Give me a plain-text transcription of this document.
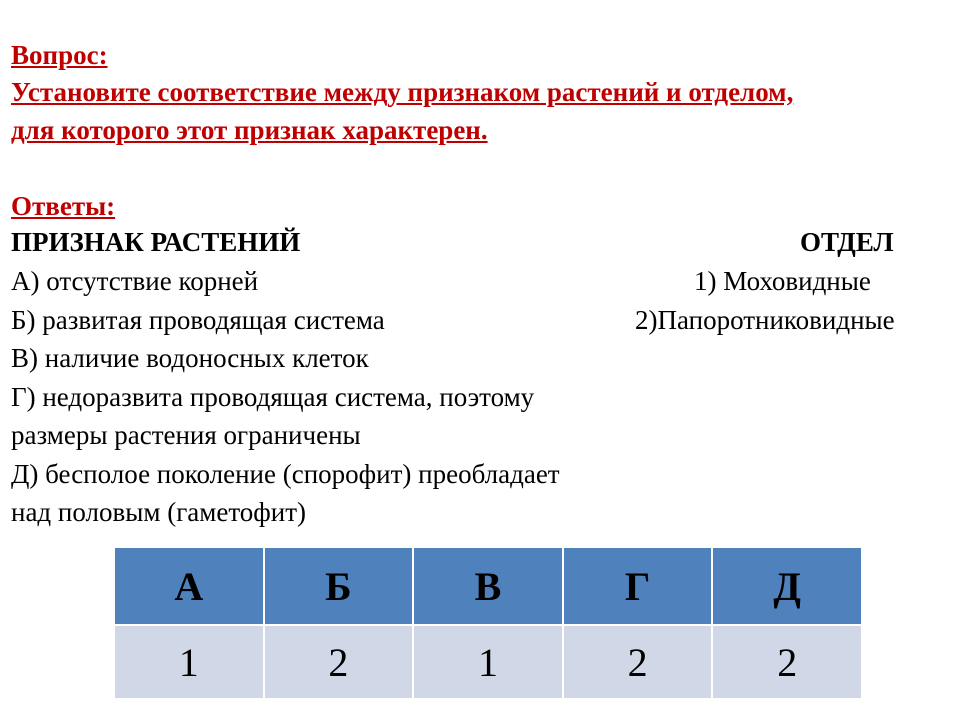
Вопрос:
Установите соответствие между признаком растений и отделом,
для которого этот признак характерен.
Ответы:
ПРИЗНАК РАСТЕНИЙ	ОТДЕЛ
А) отсутствие корней
Б) развитая проводящая система
В) наличие водоносных клеток
Г) недоразвита проводящая система, поэтому
размеры растения ограничены
Д) бесполое поколение (спорофит) преобладает
над половым (гаметофит)
1) Моховидные
2)Папоротниковидные
А	Б	В	Г	Д
1	2	1	2	2
